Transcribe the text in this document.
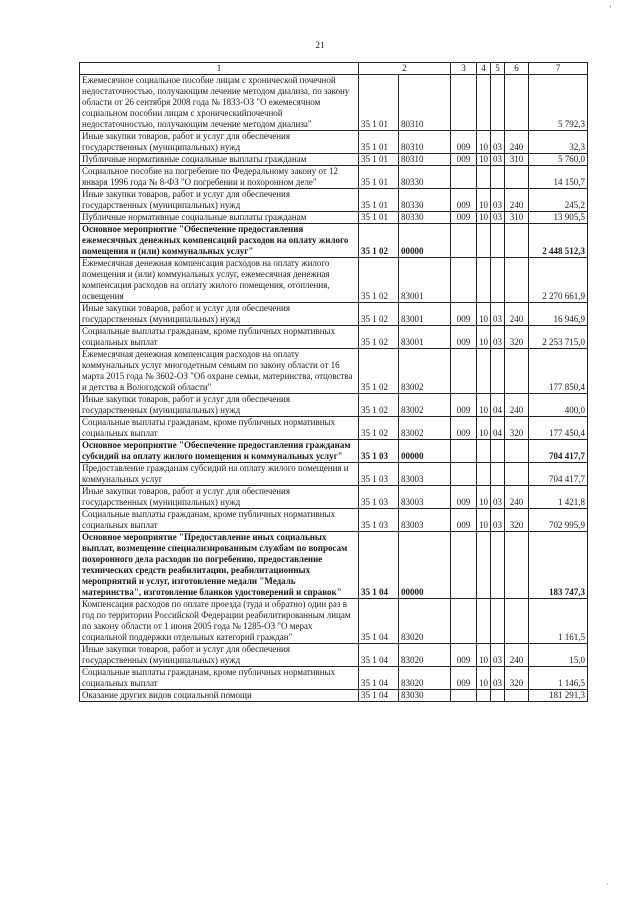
21
1	2		3	4	5	6	7
Ежемесячное социальное пособие лицам с хронической почечной недостаточностью, получающим лечение методом диализа, по закону области от 26 сентября 2008 года № 1833-ОЗ "О ежемесячном социальном пособии лицам с хроническийпочечной недостаточностью, получающим лечение методом диализа"	35 1 01	80310					5 792,3
Иные закупки товаров, работ и услуг для обеспечения государственных (муниципальных) нужд	35 1 01	80310	009	10	03	240	32,3
Публичные нормативные социальные выплаты гражданам	35 1 01	80310	009	10	03	310	5 760,0
Социальное пособие на погребение по Федеральному закону от 12 января 1996 года № 8-ФЗ "О погребении и похоронном деле"	35 1 01	80330					14 150,7
Иные закупки товаров, работ и услуг для обеспечения государственных (муниципальных) нужд	35 1 01	80330	009	10	03	240	245,2
Публичные нормативные социальные выплаты гражданам	35 1 01	80330	009	10	03	310	13 905,5
Основное мероприятие "Обеспечение предоставления ежемесячных денежных компенсаций расходов на оплату жилого помещения и (или) коммунальных услуг"	35 1 02	00000					2 448 512,3
Ежемесячная денежная компенсация расходов на оплату жилого помещения и (или) коммунальных услуг, ежемесячная денежная компенсация расходов на оплату жилого помещения, отопления, освещения	35 1 02	83001					2 270 661,9
Иные закупки товаров, работ и услуг для обеспечения государственных (муниципальных) нужд	35 1 02	83001	009	10	03	240	16 946,9
Социальные выплаты гражданам, кроме публичных нормативных социальных выплат	35 1 02	83001	009	10	03	320	2 253 715,0
Ежемесячная денежная компенсация расходов на оплату коммунальных услуг многодетным семьям по закону области от 16 марта 2015 года № 3602-ОЗ "Об охране семьи, материнства, отцовства и детства в Вологодской области"	35 1 02	83002					177 850,4
Иные закупки товаров, работ и услуг для обеспечения государственных (муниципальных) нужд	35 1 02	83002	009	10	04	240	400,0
Социальные выплаты гражданам, кроме публичных нормативных социальных выплат	35 1 02	83002	009	10	04	320	177 450,4
Основное мероприятие "Обеспечение предоставления гражданам субсидий на оплату жилого помещения и коммунальных услуг"	35 1 03	00000					704 417,7
Предоставление гражданам субсидий на оплату жилого помещения и коммунальных услуг	35 1 03	83003					704 417,7
Иные закупки товаров, работ и услуг для обеспечения государственных (муниципальных) нужд	35 1 03	83003	009	10	03	240	1 421,8
Социальные выплаты гражданам, кроме публичных нормативных социальных выплат	35 1 03	83003	009	10	03	320	702 995,9
Основное мероприятие "Предоставление иных социальных выплат, возмещение специализированным службам по вопросам похоронного дела расходов по погребению, предоставление технических средств реабилитации, реабилитационных мероприятий и услуг, изготовление медали "Медаль материнства", изготовление бланков удостоверений и справок"	35 1 04	00000					183 747,3
Компенсация расходов по оплате проезда (туда и обратно) один раз в год по территории Российской Федерации реабилитированным лицам по закону области от 1 июня 2005 года № 1285-ОЗ "О мерах социальной поддержки отдельных категорий граждан"	35 1 04	83020					1 161,5
Иные закупки товаров, работ и услуг для обеспечения государственных (муниципальных) нужд	35 1 04	83020	009	10	03	240	15,0
Социальные выплаты гражданам, кроме публичных нормативных социальных выплат	35 1 04	83020	009	10	03	320	1 146,5
Оказание других видов социальной помощи	35 1 04	83030					181 291,3
ʼ
·
